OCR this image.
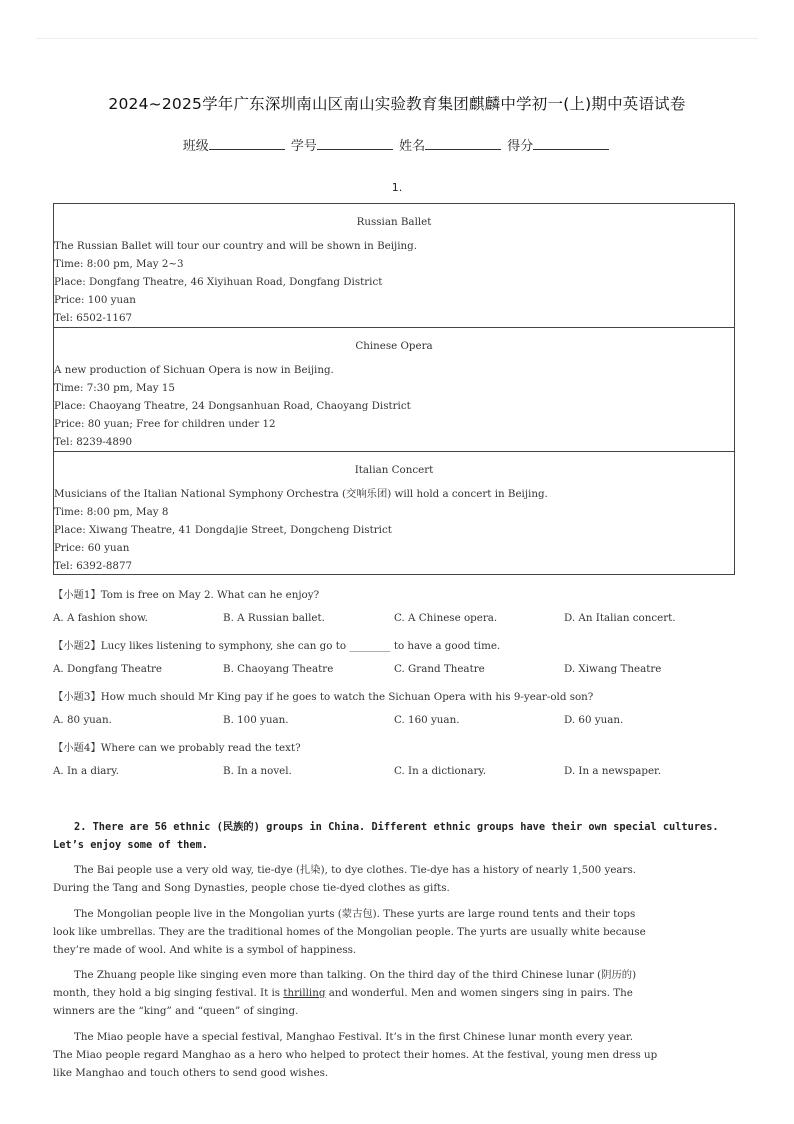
2024~2025学年广东深圳南山区南山实验教育集团麒麟中学初一(上)期中英语试卷
班级	学号	姓名	得分
1.
Russian Ballet
The Russian Ballet will tour our country and will be shown in Beijing.
Time: 8:00 pm, May 2~3
Place: Dongfang Theatre, 46 Xiyihuan Road, Dongfang District
Price: 100 yuan
Tel: 6502-1167

Chinese Opera
A new production of Sichuan Opera is now in Beijing.
Time: 7:30 pm, May 15
Place: Chaoyang Theatre, 24 Dongsanhuan Road, Chaoyang District
Price: 80 yuan; Free for children under 12
Tel: 8239-4890

Italian Concert
Musicians of the Italian National Symphony Orchestra (交响乐团) will hold a concert in Beijing.
Time: 8:00 pm, May 8
Place: Xiwang Theatre, 41 Dongdajie Street, Dongcheng District
Price: 60 yuan
Tel: 6392-8877
【小题1】Tom is free on May 2. What can he enjoy?
A. A fashion show.	B. A Russian ballet.	C. A Chinese opera.	D. An Italian concert.
【小题2】Lucy likes listening to symphony, she can go to ________ to have a good time.
A. Dongfang Theatre	B. Chaoyang Theatre	C. Grand Theatre	D. Xiwang Theatre
【小题3】How much should Mr King pay if he goes to watch the Sichuan Opera with his 9-year-old son?
A. 80 yuan.	B. 100 yuan.	C. 160 yuan.	D. 60 yuan.
【小题4】Where can we probably read the text?
A. In a diary.	B. In a novel.	C. In a dictionary.	D. In a newspaper.
2. There are 56 ethnic (民族的) groups in China. Different ethnic groups have their own special cultures.
Let’s enjoy some of them.
The Bai people use a very old way, tie-dye (扎染), to dye clothes. Tie-dye has a history of nearly 1,500 years.
During the Tang and Song Dynasties, people chose tie-dyed clothes as gifts.
The Mongolian people live in the Mongolian yurts (蒙古包). These yurts are large round tents and their tops
look like umbrellas. They are the traditional homes of the Mongolian people. The yurts are usually white because
they’re made of wool. And white is a symbol of happiness.
The Zhuang people like singing even more than talking. On the third day of the third Chinese lunar (阴历的)
month, they hold a big singing festival. It is thrilling and wonderful. Men and women singers sing in pairs. The
winners are the “king” and “queen” of singing.
The Miao people have a special festival, Manghao Festival. It’s in the first Chinese lunar month every year.
The Miao people regard Manghao as a hero who helped to protect their homes. At the festival, young men dress up
like Manghao and touch others to send good wishes.
